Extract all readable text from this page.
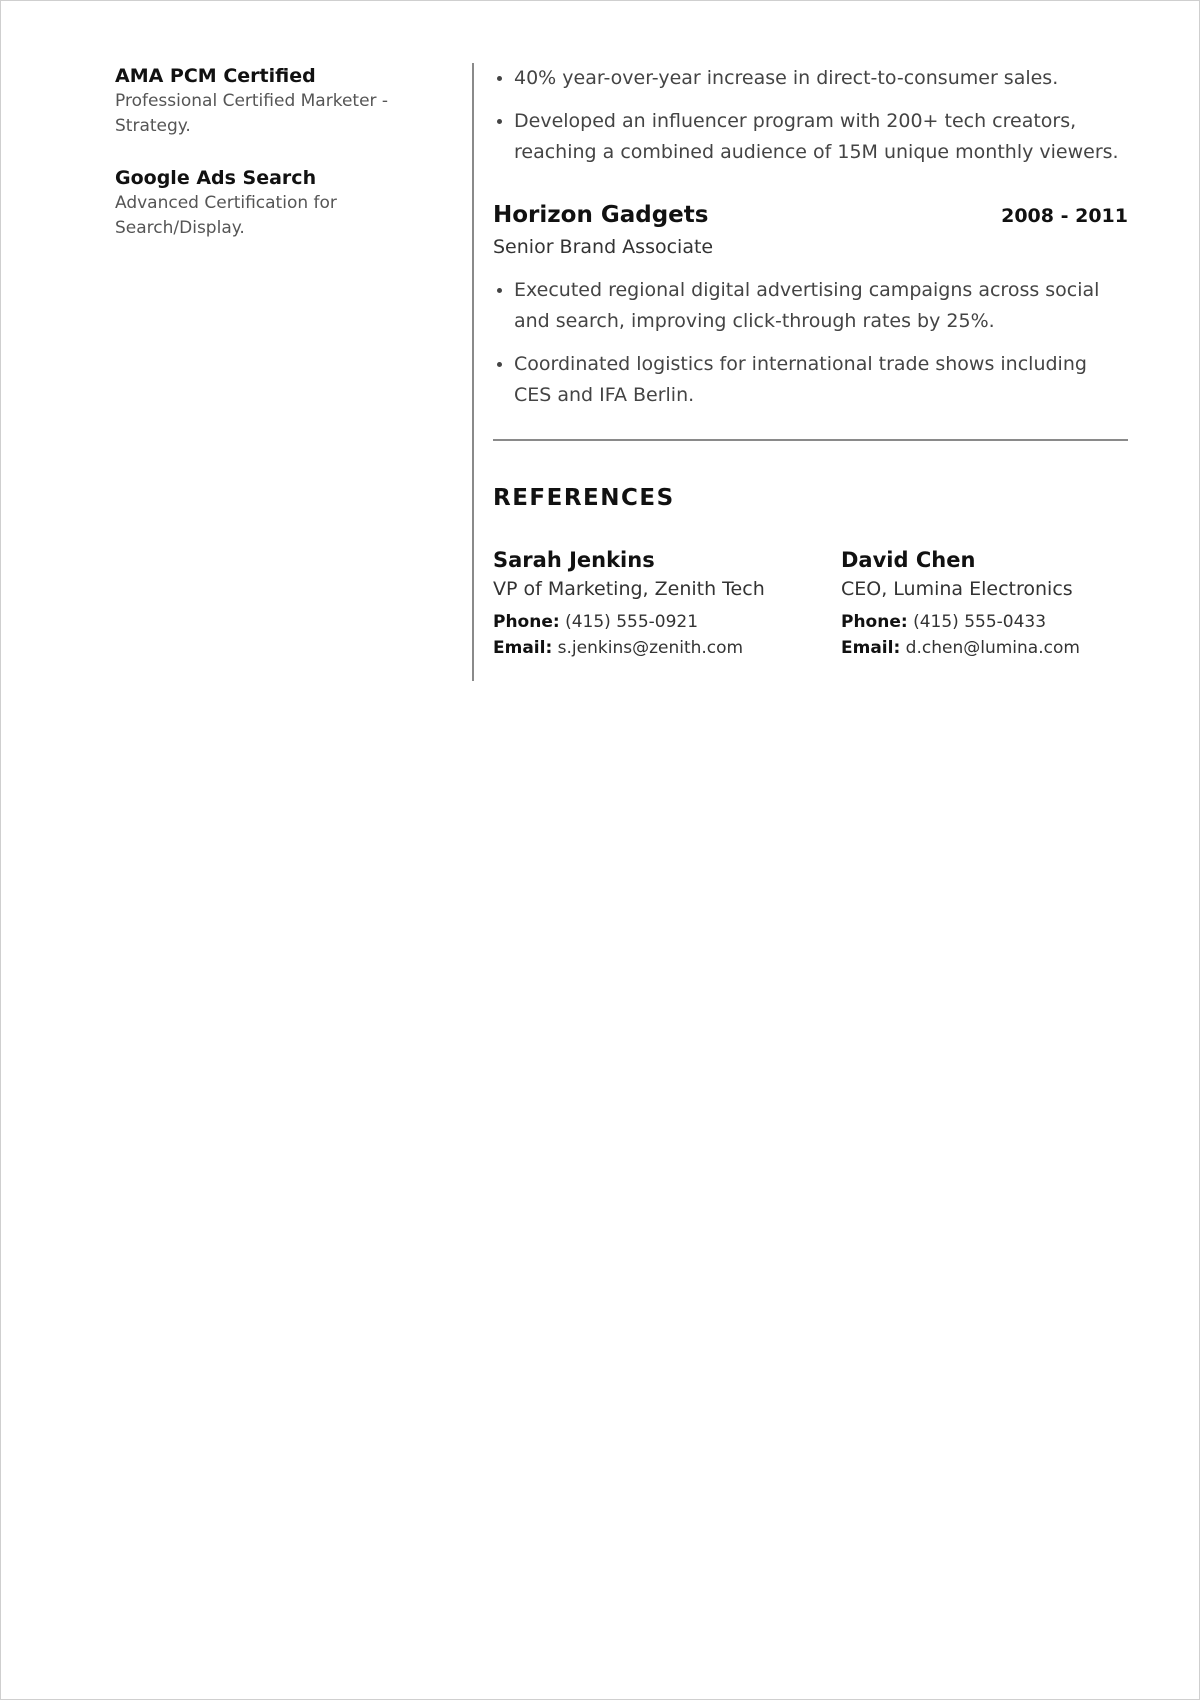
AMA PCM Certified
Professional Certified Marketer - Strategy.
Google Ads Search
Advanced Certification for Search/Display.
• 40% year-over-year increase in direct-to-consumer sales.
• Developed an influencer program with 200+ tech creators, reaching a combined audience of 15M unique monthly viewers.
Horizon Gadgets	2008 - 2011
Senior Brand Associate
• Executed regional digital advertising campaigns across social and search, improving click-through rates by 25%.
• Coordinated logistics for international trade shows including CES and IFA Berlin.
REFERENCES
Sarah Jenkins
VP of Marketing, Zenith Tech
Phone: (415) 555-0921
Email: s.jenkins@zenith.com
David Chen
CEO, Lumina Electronics
Phone: (415) 555-0433
Email: d.chen@lumina.com
